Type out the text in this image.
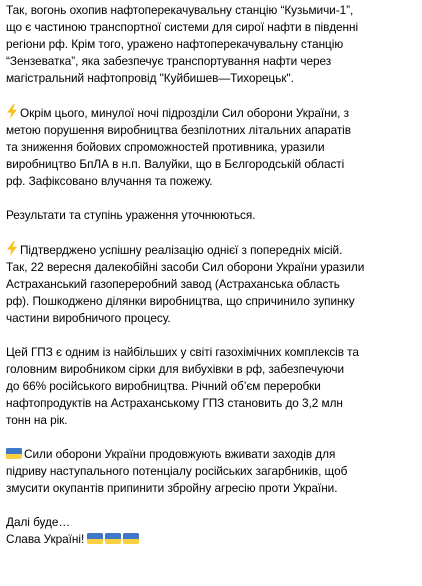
Так, вогонь охопив нафтоперекачувальну станцію “Кузьмичи-1”,
що є частиною транспортної системи для сирої нафти в південні
регіони рф. Крім того, уражено нафтоперекачувальну станцію
“Зензеватка”, яка забезпечує транспортування нафти через
магістральний нафтопровід "Куйбишев—Тихорецьк".
Окрім цього, минулої ночі підрозділи Сил оборони України, з
метою порушення виробництва безпілотних літальних апаратів
та зниження бойових спроможностей противника, уразили
виробництво БпЛА в н.п. Валуйки, що в Бєлгородській області
рф. Зафіксовано влучання та пожежу.
Результати та ступінь ураження уточнюються.
Підтверджено успішну реалізацію однієї з попередніх місій.
Так, 22 вересня далекобійні засоби Сил оборони України уразили
Астраханський газопереробний завод (Астраханська область
рф). Пошкоджено ділянки виробництва, що спричинило зупинку
частини виробничого процесу.
Цей ГПЗ є одним із найбільших у світі газохімічних комплексів та
головним виробником сірки для вибухівки в рф, забезпечуючи
до 66% російського виробництва. Річний об’єм переробки
нафтопродуктів на Астраханському ГПЗ становить до 3,2 млн
тонн на рік.
Сили оборони України продовжують вживати заходів для
підриву наступального потенціалу російських загарбників, щоб
змусити окупантів припинити збройну агресію проти України.
Далі буде…
Слава Україні!
